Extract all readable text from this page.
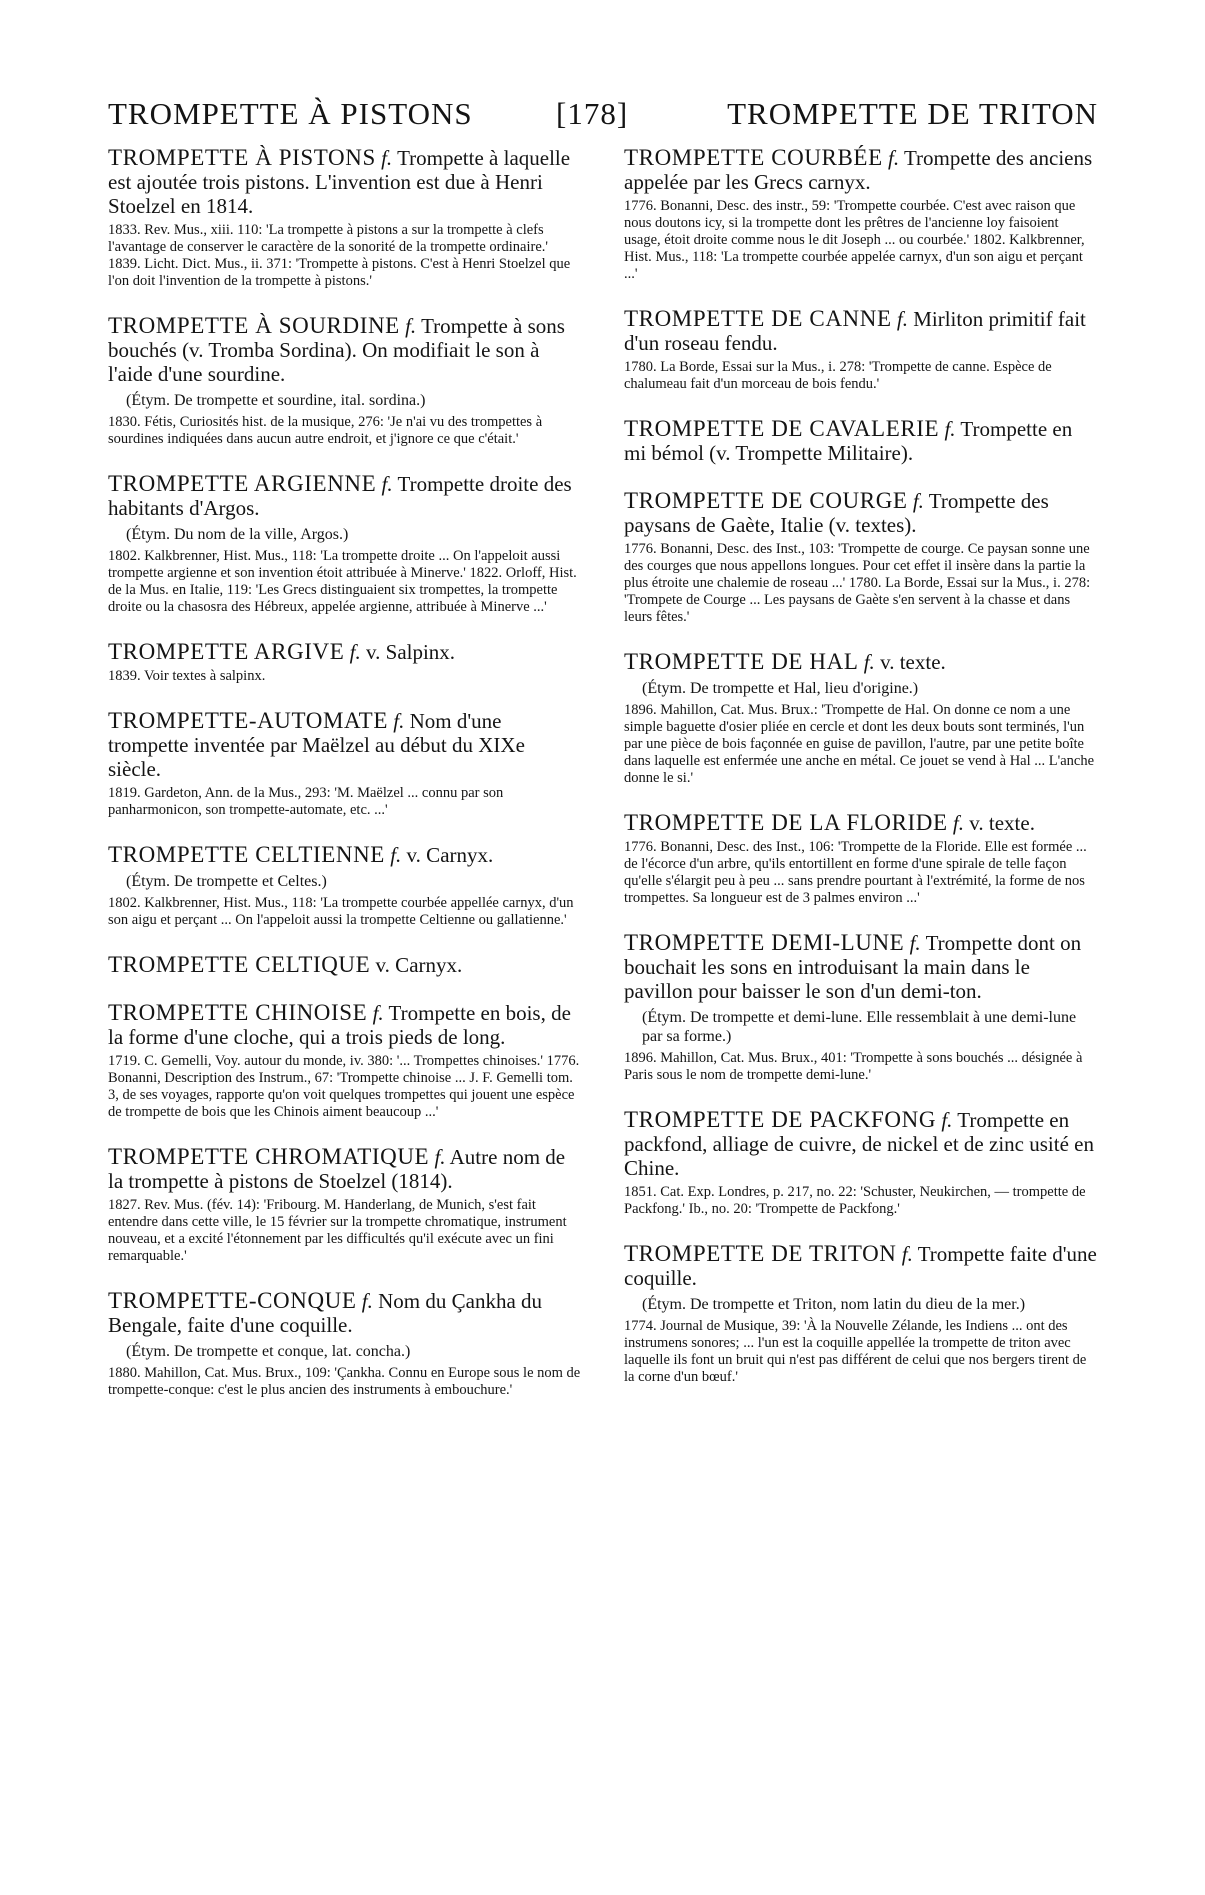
TROMPETTE À PISTONS	[178]	TROMPETTE DE TRITON

TROMPETTE À PISTONS f. Trompette à laquelle est ajoutée trois pistons. L'invention est due à Henri Stoelzel en 1814.

1833. Rev. Mus., xiii. 110: 'La trompette à pistons a sur la trompette à clefs l'avantage de conserver le caractère de la sonorité de la trompette ordinaire.' 1839. Licht. Dict. Mus., ii. 371: 'Trompette à pistons. C'est à Henri Stoelzel que l'on doit l'invention de la trompette à pistons.'

TROMPETTE À SOURDINE f. Trompette à sons bouchés (v. Tromba Sordina). On modifiait le son à l'aide d'une sourdine.

(Étym. De trompette et sourdine, ital. sordina.)

1830. Fétis, Curiosités hist. de la musique, 276: 'Je n'ai vu des trompettes à sourdines indiquées dans aucun autre endroit, et j'ignore ce que c'était.'

TROMPETTE ARGIENNE f. Trompette droite des habitants d'Argos.

(Étym. Du nom de la ville, Argos.)

1802. Kalkbrenner, Hist. Mus., 118: 'La trompette droite ... On l'appeloit aussi trompette argienne et son invention étoit attribuée à Minerve.' 1822. Orloff, Hist. de la Mus. en Italie, 119: 'Les Grecs distinguaient six trompettes, la trompette droite ou la chasosra des Hébreux, appelée argienne, attribuée à Minerve ...'

TROMPETTE ARGIVE f. v. Salpinx.

1839. Voir textes à salpinx.

TROMPETTE-AUTOMATE f. Nom d'une trompette inventée par Maëlzel au début du XIXe siècle.

1819. Gardeton, Ann. de la Mus., 293: 'M. Maëlzel ... connu par son panharmonicon, son trompette-automate, etc. ...'

TROMPETTE CELTIENNE f. v. Carnyx.

(Étym. De trompette et Celtes.)

1802. Kalkbrenner, Hist. Mus., 118: 'La trompette courbée appellée carnyx, d'un son aigu et perçant ... On l'appeloit aussi la trompette Celtienne ou gallatienne.'

TROMPETTE CELTIQUE v. Carnyx.

TROMPETTE CHINOISE f. Trompette en bois, de la forme d'une cloche, qui a trois pieds de long.

1719. C. Gemelli, Voy. autour du monde, iv. 380: '... Trompettes chinoises.' 1776. Bonanni, Description des Instrum., 67: 'Trompette chinoise ... J. F. Gemelli tom. 3, de ses voyages, rapporte qu'on voit quelques trompettes qui jouent une espèce de trompette de bois que les Chinois aiment beaucoup ...'

TROMPETTE CHROMATIQUE f. Autre nom de la trompette à pistons de Stoelzel (1814).

1827. Rev. Mus. (fév. 14): 'Fribourg. M. Handerlang, de Munich, s'est fait entendre dans cette ville, le 15 février sur la trompette chromatique, instrument nouveau, et a excité l'étonnement par les difficultés qu'il exécute avec un fini remarquable.'

TROMPETTE-CONQUE f. Nom du Çankha du Bengale, faite d'une coquille.

(Étym. De trompette et conque, lat. concha.)

1880. Mahillon, Cat. Mus. Brux., 109: 'Çankha. Connu en Europe sous le nom de trompette-conque: c'est le plus ancien des instruments à embouchure.'

TROMPETTE COURBÉE f. Trompette des anciens appelée par les Grecs carnyx.

1776. Bonanni, Desc. des instr., 59: 'Trompette courbée. C'est avec raison que nous doutons icy, si la trompette dont les prêtres de l'ancienne loy faisoient usage, étoit droite comme nous le dit Joseph ... ou courbée.' 1802. Kalkbrenner, Hist. Mus., 118: 'La trompette courbée appelée carnyx, d'un son aigu et perçant ...'

TROMPETTE DE CANNE f. Mirliton primitif fait d'un roseau fendu.

1780. La Borde, Essai sur la Mus., i. 278: 'Trompette de canne. Espèce de chalumeau fait d'un morceau de bois fendu.'

TROMPETTE DE CAVALERIE f. Trompette en mi bémol (v. Trompette Militaire).

TROMPETTE DE COURGE f. Trompette des paysans de Gaète, Italie (v. textes).

1776. Bonanni, Desc. des Inst., 103: 'Trompette de courge. Ce paysan sonne une des courges que nous appellons longues. Pour cet effet il insère dans la partie la plus étroite une chalemie de roseau ...' 1780. La Borde, Essai sur la Mus., i. 278: 'Trompete de Courge ... Les paysans de Gaète s'en servent à la chasse et dans leurs fêtes.'

TROMPETTE DE HAL f. v. texte.

(Étym. De trompette et Hal, lieu d'origine.)

1896. Mahillon, Cat. Mus. Brux.: 'Trompette de Hal. On donne ce nom a une simple baguette d'osier pliée en cercle et dont les deux bouts sont terminés, l'un par une pièce de bois façonnée en guise de pavillon, l'autre, par une petite boîte dans laquelle est enfermée une anche en métal. Ce jouet se vend à Hal ... L'anche donne le si.'

TROMPETTE DE LA FLORIDE f. v. texte.

1776. Bonanni, Desc. des Inst., 106: 'Trompette de la Floride. Elle est formée ... de l'écorce d'un arbre, qu'ils entortillent en forme d'une spirale de telle façon qu'elle s'élargit peu à peu ... sans prendre pourtant à l'extrémité, la forme de nos trompettes. Sa longueur est de 3 palmes environ ...'

TROMPETTE DEMI-LUNE f. Trompette dont on bouchait les sons en introduisant la main dans le pavillon pour baisser le son d'un demi-ton.

(Étym. De trompette et demi-lune. Elle ressemblait à une demi-lune par sa forme.)

1896. Mahillon, Cat. Mus. Brux., 401: 'Trompette à sons bouchés ... désignée à Paris sous le nom de trompette demi-lune.'

TROMPETTE DE PACKFONG f. Trompette en packfond, alliage de cuivre, de nickel et de zinc usité en Chine.

1851. Cat. Exp. Londres, p. 217, no. 22: 'Schuster, Neukirchen, — trompette de Packfong.' Ib., no. 20: 'Trompette de Packfong.'

TROMPETTE DE TRITON f. Trompette faite d'une coquille.

(Étym. De trompette et Triton, nom latin du dieu de la mer.)

1774. Journal de Musique, 39: 'À la Nouvelle Zélande, les Indiens ... ont des instrumens sonores; ... l'un est la coquille appellée la trompette de triton avec laquelle ils font un bruit qui n'est pas différent de celui que nos bergers tirent de la corne d'un bœuf.'
